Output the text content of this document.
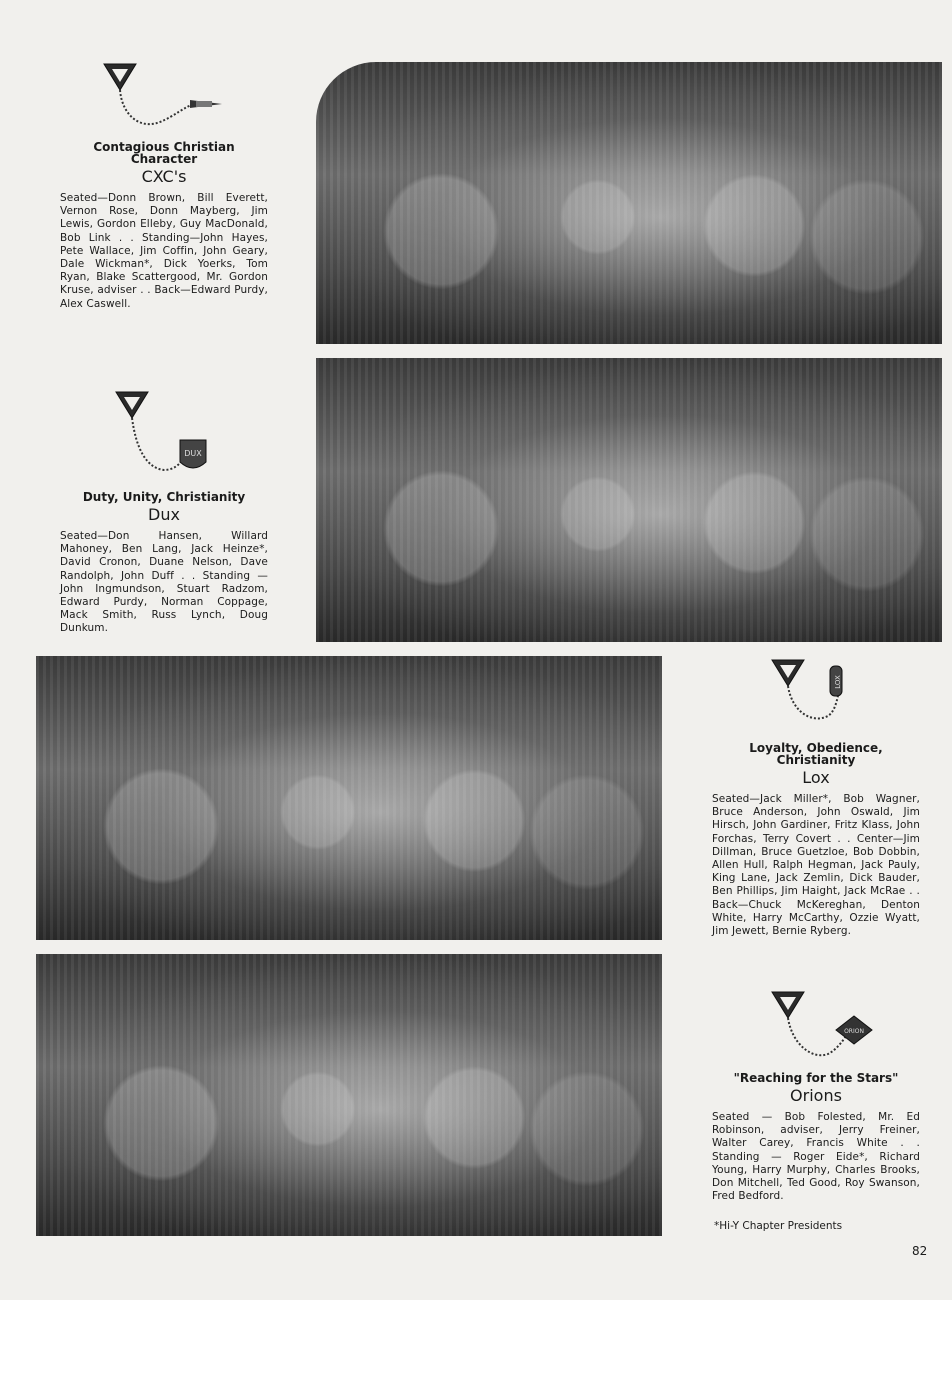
DUX
LOX
ORION
Contagious Christian Character
CXC's
Seated—Donn Brown, Bill Everett, Vernon Rose, Donn Mayberg, Jim Lewis, Gordon Elleby, Guy MacDonald, Bob Link . . Standing—John Hayes, Pete Wallace, Jim Coffin, John Geary, Dale Wickman*, Dick Yoerks, Tom Ryan, Blake Scattergood, Mr. Gordon Kruse, adviser . . Back—Edward Purdy, Alex Caswell.
Duty, Unity, Christianity
Dux
Seated—Don Hansen, Willard Mahoney, Ben Lang, Jack Heinze*, David Cronon, Duane Nelson, Dave Randolph, John Duff . . Standing — John Ingmundson, Stuart Radzom, Edward Purdy, Norman Coppage, Mack Smith, Russ Lynch, Doug Dunkum.
Loyalty, Obedience, Christianity
Lox
Seated—Jack Miller*, Bob Wagner, Bruce Anderson, John Oswald, Jim Hirsch, John Gardiner, Fritz Klass, John Forchas, Terry Covert . . Center—Jim Dillman, Bruce Guetzloe, Bob Dobbin, Allen Hull, Ralph Hegman, Jack Pauly, King Lane, Jack Zemlin, Dick Bauder, Ben Phillips, Jim Haight, Jack McRae . . Back—Chuck McKereghan, Denton White, Harry McCarthy, Ozzie Wyatt, Jim Jewett, Bernie Ryberg.
"Reaching for the Stars"
Orions
Seated — Bob Folested, Mr. Ed Robinson, adviser, Jerry Freiner, Walter Carey, Francis White . . Standing — Roger Eide*, Richard Young, Harry Murphy, Charles Brooks, Don Mitchell, Ted Good, Roy Swanson, Fred Bedford.
*Hi-Y Chapter Presidents
82
